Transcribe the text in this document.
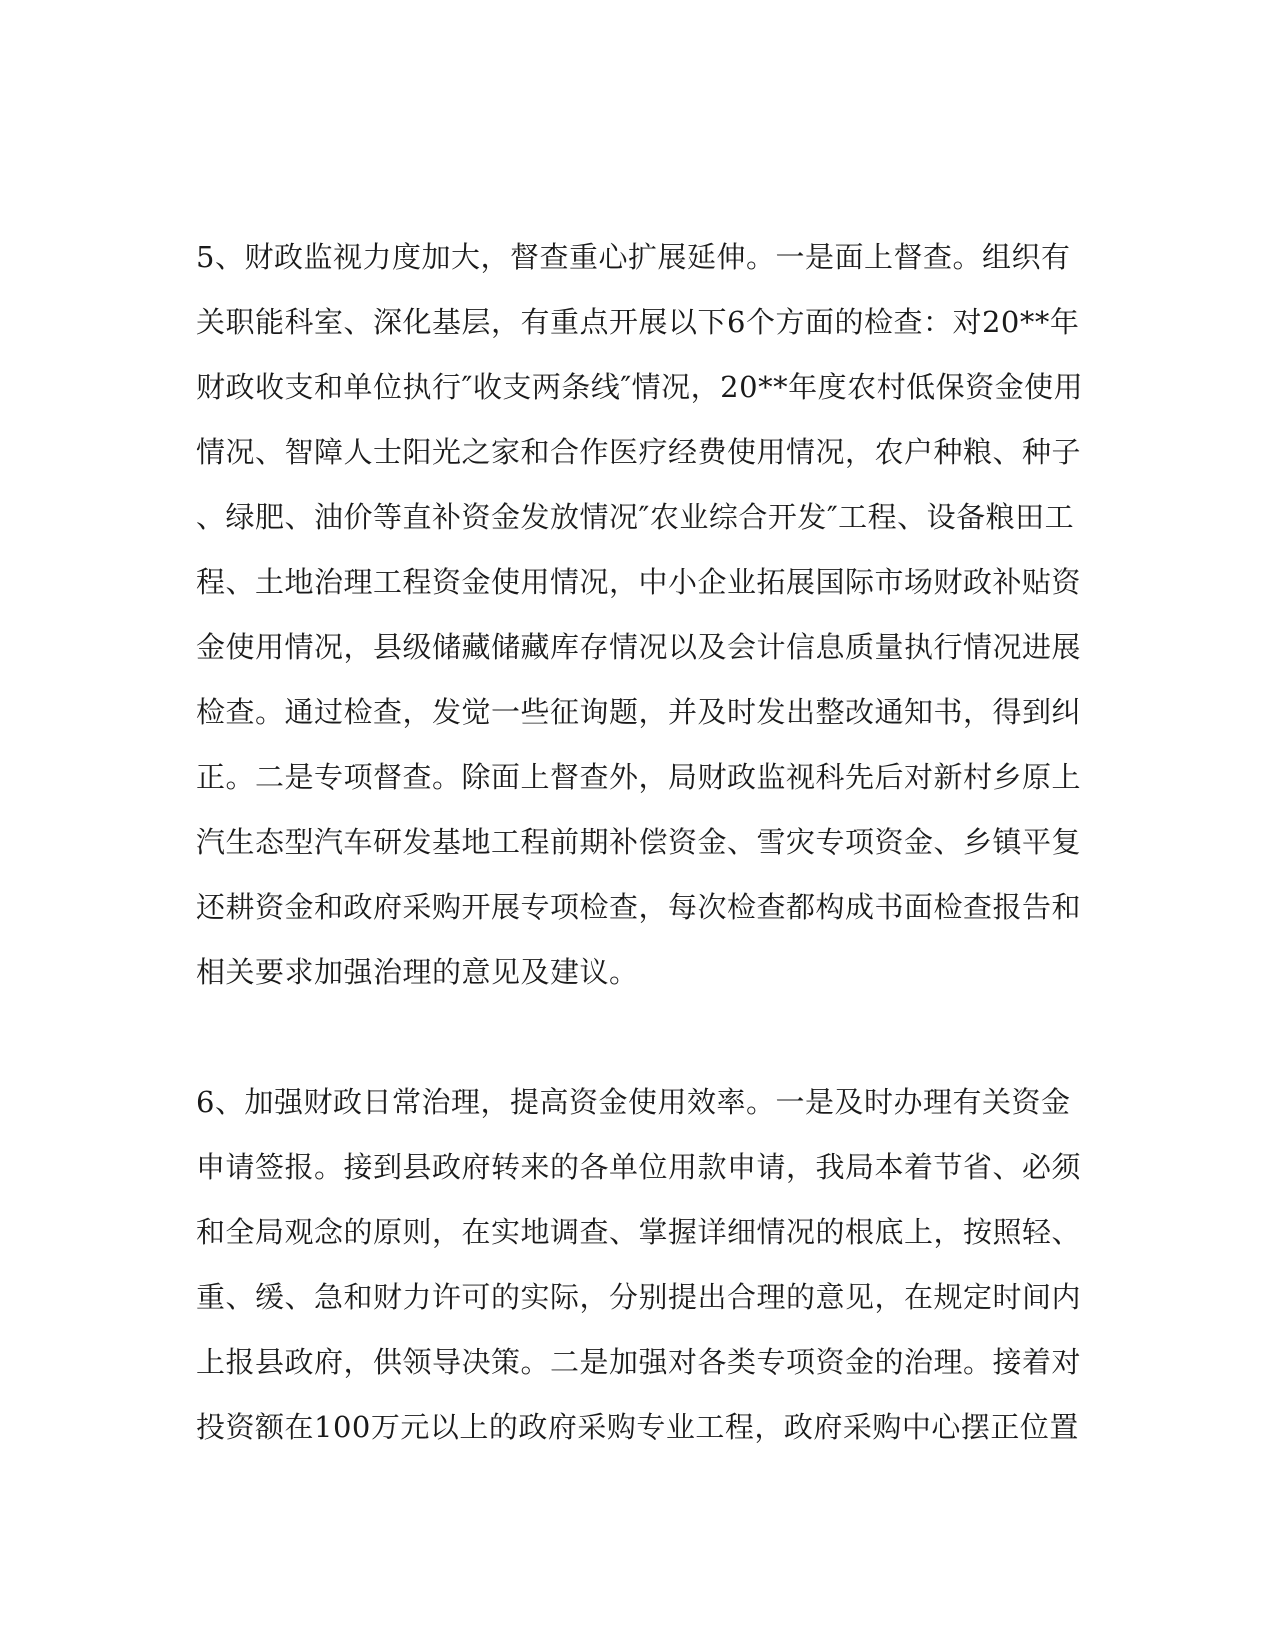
5、财政监视力度加大，督查重心扩展延伸。一是面上督查。组织有
关职能科室、深化基层，有重点开展以下6个方面的检查：对20**年
财政收支和单位执行″收支两条线″情况，20**年度农村低保资金使用
情况、智障人士阳光之家和合作医疗经费使用情况，农户种粮、种子
、绿肥、油价等直补资金发放情况″农业综合开发″工程、设备粮田工
程、土地治理工程资金使用情况，中小企业拓展国际市场财政补贴资
金使用情况，县级储藏储藏库存情况以及会计信息质量执行情况进展
检查。通过检查，发觉一些征询题，并及时发出整改通知书，得到纠
正。二是专项督查。除面上督查外，局财政监视科先后对新村乡原上
汽生态型汽车研发基地工程前期补偿资金、雪灾专项资金、乡镇平复
还耕资金和政府采购开展专项检查，每次检查都构成书面检查报告和
相关要求加强治理的意见及建议。
6、加强财政日常治理，提高资金使用效率。一是及时办理有关资金
申请签报。接到县政府转来的各单位用款申请，我局本着节省、必须
和全局观念的原则，在实地调查、掌握详细情况的根底上，按照轻、
重、缓、急和财力许可的实际，分别提出合理的意见，在规定时间内
上报县政府，供领导决策。二是加强对各类专项资金的治理。接着对
投资额在100万元以上的政府采购专业工程，政府采购中心摆正位置
